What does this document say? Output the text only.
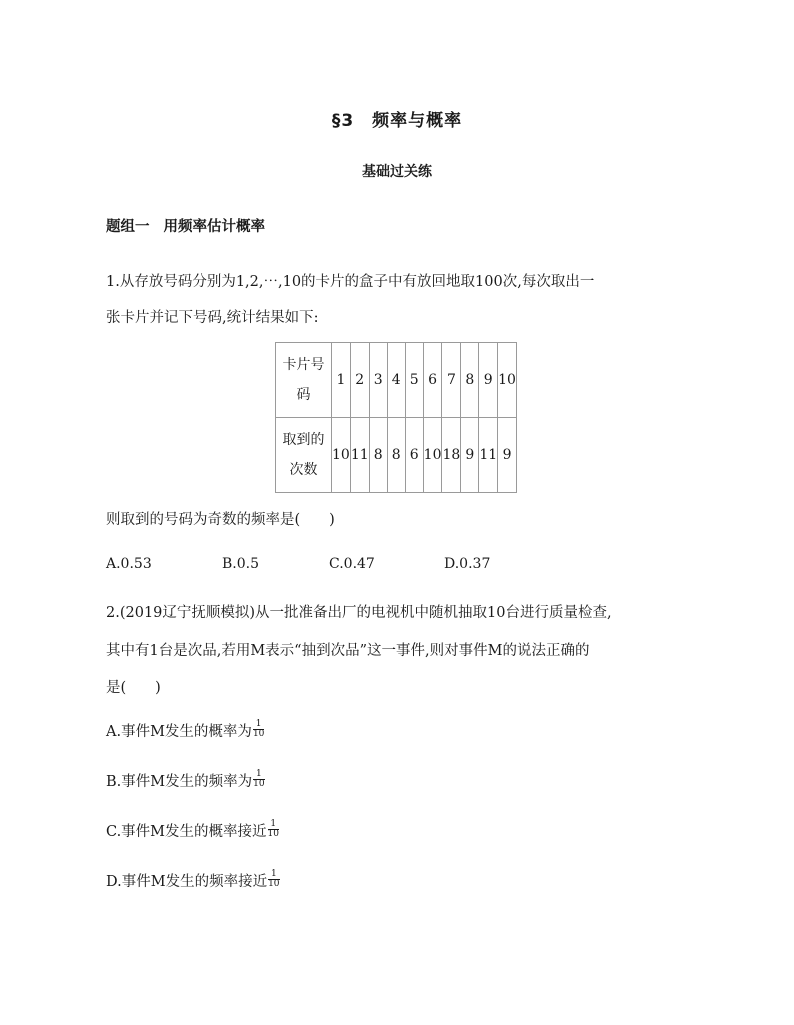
§3　频率与概率
基础过关练
题组一 用频率估计概率
1.从存放号码分别为1,2,⋯,10的卡片的盒子中有放回地取100次,每次取出一
张卡片并记下号码,统计结果如下:
卡片号
码	1	2	3	4	5	6	7	8	9	10

取到的
次数	10	11	8	8	6	10	18	9	11	9
则取到的号码为奇数的频率是(　　)
A.0.53	B.0.5	C.0.47	D.0.37
2.(2019辽宁抚顺模拟)从一批准备出厂的电视机中随机抽取10台进行质量检查,
其中有1台是次品,若用M表示“抽到次品”这一事件,则对事件M的说法正确的
是(　　)
A.事件M发生的概率为 $\frac{1}{10}$
B.事件M发生的频率为 $\frac{1}{10}$
C.事件M发生的概率接近 $\frac{1}{10}$
D.事件M发生的频率接近 $\frac{1}{10}$
